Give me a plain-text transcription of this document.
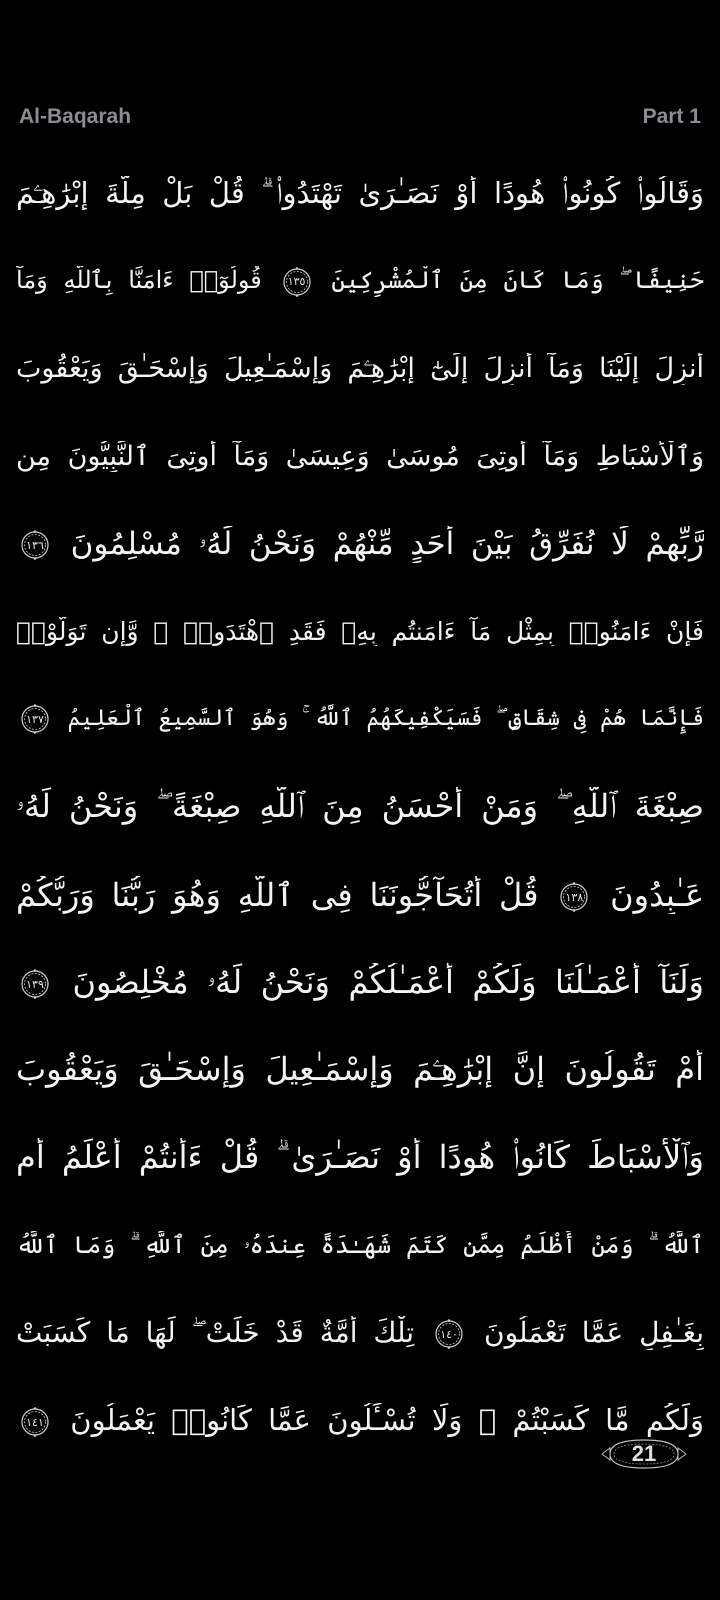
Al-Baqarah	Part 1
وَقَالُوا۟ كُونُوا۟ هُودًا أَوْ نَصَـٰرَىٰ تَهْتَدُوا۟ ۗ قُلْ بَلْ مِلَّةَ إِبْرَٰهِـۧمَ
حَنِيفًا ۖ وَمَا كَانَ مِنَ ٱلْمُشْرِكِينَ
١٣٥
قُولُوٓا۟ ءَامَنَّا بِٱللَّهِ وَمَآ
أُنزِلَ إِلَيْنَا وَمَآ أُنزِلَ إِلَىٰٓ إِبْرَٰهِـۧمَ وَإِسْمَـٰعِيلَ وَإِسْحَـٰقَ وَيَعْقُوبَ
وَٱلْأَسْبَاطِ وَمَآ أُوتِىَ مُوسَىٰ وَعِيسَىٰ وَمَآ أُوتِىَ ٱلنَّبِيُّونَ مِن
رَّبِّهِمْ لَا نُفَرِّقُ بَيْنَ أَحَدٍ مِّنْهُمْ وَنَحْنُ لَهُۥ مُسْلِمُونَ
١٣٦
فَإِنْ ءَامَنُوا۟ بِمِثْلِ مَآ ءَامَنتُم بِهِۦ فَقَدِ ٱهْتَدَوا۟ ۖ وَّإِن تَوَلَّوْا۟
فَإِنَّمَا هُمْ فِى شِقَاقٍ ۖ فَسَيَكْفِيكَهُمُ ٱللَّهُ ۚ وَهُوَ ٱلسَّمِيعُ ٱلْعَلِيمُ
١٣٧
صِبْغَةَ ٱللَّهِ ۖ وَمَنْ أَحْسَنُ مِنَ ٱللَّهِ صِبْغَةً ۖ وَنَحْنُ لَهُۥ
عَـٰبِدُونَ
١٣٨
قُلْ أَتُحَآجُّونَنَا فِى ٱللَّهِ وَهُوَ رَبُّنَا وَرَبُّكُمْ
وَلَنَآ أَعْمَـٰلُنَا وَلَكُمْ أَعْمَـٰلُكُمْ وَنَحْنُ لَهُۥ مُخْلِصُونَ
١٣٩
أَمْ تَقُولُونَ إِنَّ إِبْرَٰهِـۧمَ وَإِسْمَـٰعِيلَ وَإِسْحَـٰقَ وَيَعْقُوبَ
وَٱلْأَسْبَاطَ كَانُوا۟ هُودًا أَوْ نَصَـٰرَىٰ ۗ قُلْ ءَأَنتُمْ أَعْلَمُ أَمِ
ٱللَّهُ ۗ وَمَنْ أَظْلَمُ مِمَّن كَتَمَ شَهَـٰدَةً عِندَهُۥ مِنَ ٱللَّهِ ۗ وَمَا ٱللَّهُ
بِغَـٰفِلٍ عَمَّا تَعْمَلُونَ
١٤٠
تِلْكَ أُمَّةٌ قَدْ خَلَتْ ۖ لَهَا مَا كَسَبَتْ
وَلَكُم مَّا كَسَبْتُمْ ۖ وَلَا تُسْـَٔلُونَ عَمَّا كَانُوا۟ يَعْمَلُونَ
١٤١
21
